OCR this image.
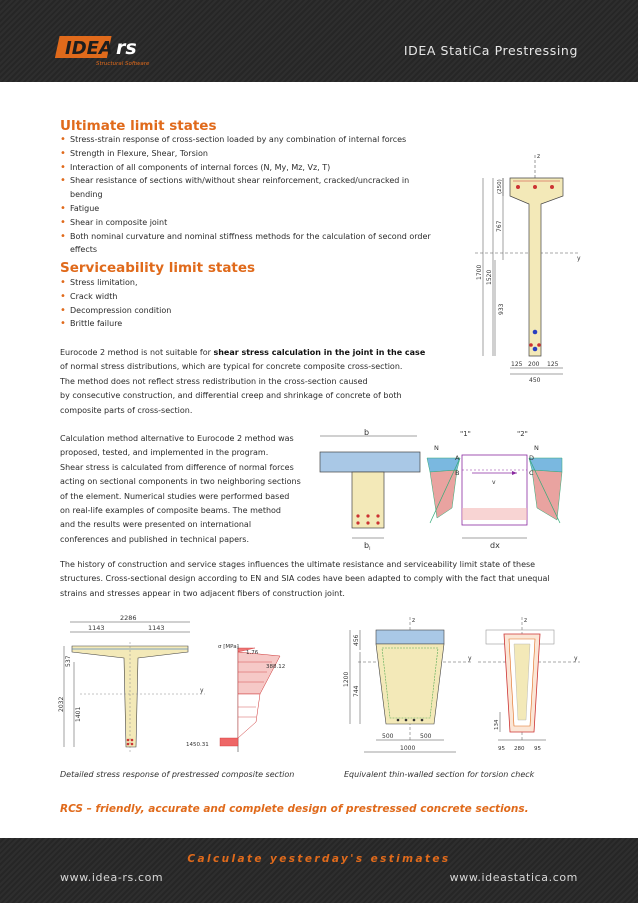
IDEA rs
Structural Software
IDEA StatiCa Prestressing
Ultimate limit states
• Stress-strain response of cross-section loaded by any combination of internal forces
• Strength in Flexure, Shear, Torsion
• Interaction of all components of internal forces (N, My, Mz, Vz, T)
• Shear resistance of sections with/without shear reinforcement, cracked/uncracked in bending
• Fatigue
• Shear in composite joint
• Both nominal curvature and nominal stiffness methods for the calculation of second order
effects
Serviceability limit states
• Stress limitation,
• Crack width
• Decompression condition
• Brittle failure
Eurocode 2 method is not suitable for shear stress calculation in the joint in the case
of normal stress distributions, which are typical for concrete composite cross-section.
The method does not reflect stress redistribution in the cross-section caused
by consecutive construction, and differential creep and shrinkage of concrete of both
composite parts of cross-section.
Calculation method alternative to Eurocode 2 method was
proposed, tested, and implemented in the program.
Shear stress is calculated from difference of normal forces
acting on sectional components in two neighboring sections
of the element. Numerical studies were performed based
on real-life examples of composite beams. The method
and the results were presented on international
conferences and published in technical papers.
The history of construction and service stages influences the ultimate resistance and serviceability limit state of these
structures. Cross-sectional design according to EN and SIA codes have been adapted to comply with the fact that unequal
strains and stresses appear in two adjacent fibers of construction joint.
z
y
(250)
767
1700 1520
933
125 200 125
450
b
$b_i$
"1"	"2"
N	N
A
B	C
D
v
dx
2286
1143	1143
537
2032
1401
y
σ [MPa]
1.76
388.12
1450.31
z
y
456
1200
744
500	500
1000
z
y
134
95 280 95
Detailed stress response of prestressed composite section	Equivalent thin-walled section for torsion check
RCS – friendly, accurate and complete design of prestressed concrete sections.
Calculate yesterday's estimates
www.idea-rs.com	www.ideastatica.com
